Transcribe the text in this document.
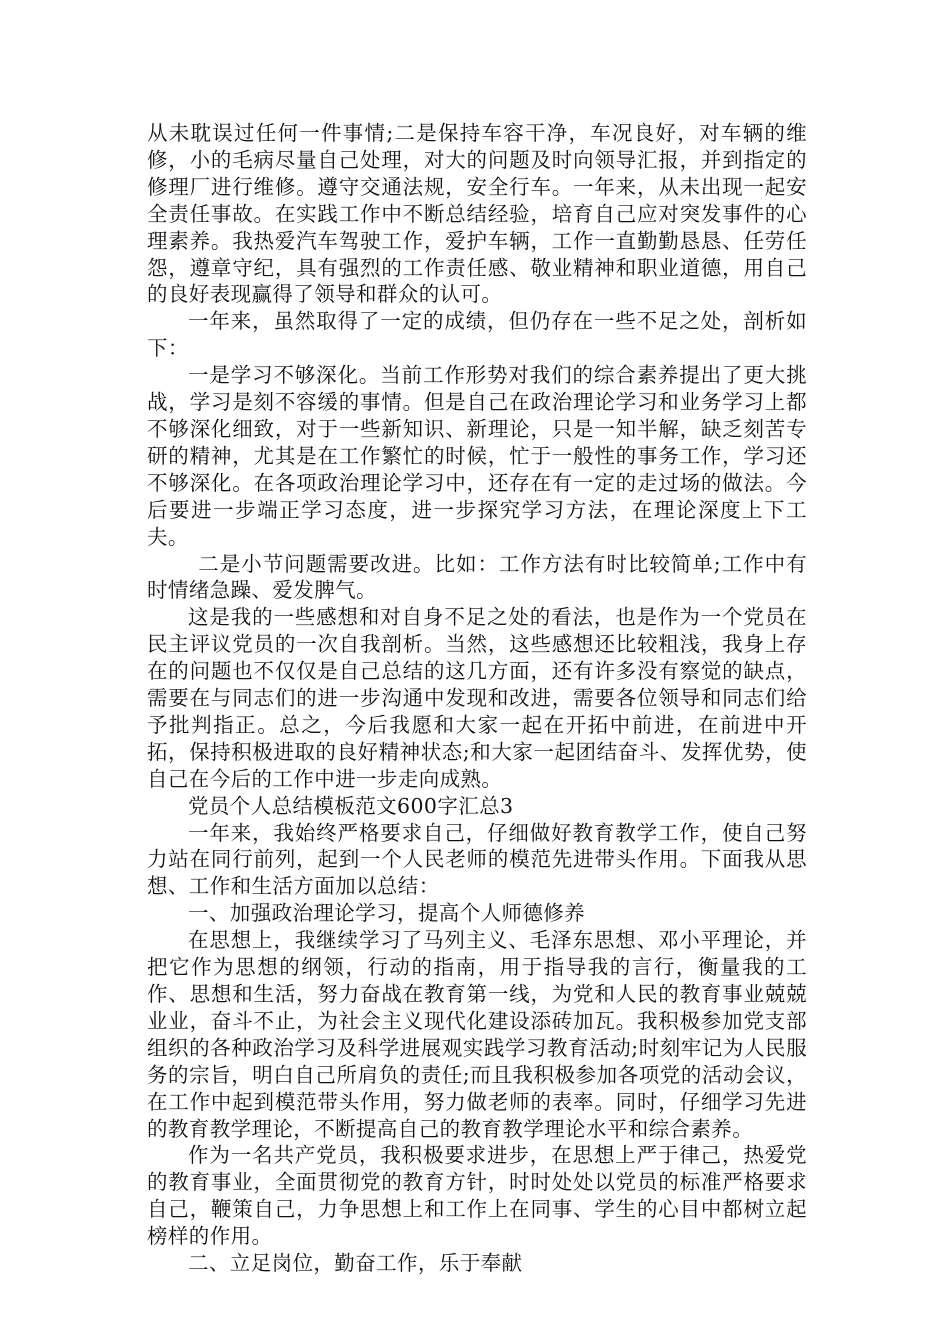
从未耽误过任何一件事情;二是保持车容干净，车况良好，对车辆的维修，小的毛病尽量自己处理，对大的问题及时向领导汇报，并到指定的修理厂进行维修。遵守交通法规，安全行车。一年来，从未出现一起安全责任事故。在实践工作中不断总结经验，培育自己应对突发事件的心理素养。我热爱汽车驾驶工作，爱护车辆，工作一直勤勤恳恳、任劳任怨，遵章守纪，具有强烈的工作责任感、敬业精神和职业道德，用自己的良好表现赢得了领导和群众的认可。

一年来，虽然取得了一定的成绩，但仍存在一些不足之处，剖析如下：

一是学习不够深化。当前工作形势对我们的综合素养提出了更大挑战，学习是刻不容缓的事情。但是自己在政治理论学习和业务学习上都不够深化细致，对于一些新知识、新理论，只是一知半解，缺乏刻苦专研的精神，尤其是在工作繁忙的时候，忙于一般性的事务工作，学习还不够深化。在各项政治理论学习中，还存在有一定的走过场的做法。今后要进一步端正学习态度，进一步探究学习方法，在理论深度上下工夫。

二是小节问题需要改进。比如：工作方法有时比较简单;工作中有时情绪急躁、爱发脾气。

这是我的一些感想和对自身不足之处的看法，也是作为一个党员在民主评议党员的一次自我剖析。当然，这些感想还比较粗浅，我身上存在的问题也不仅仅是自己总结的这几方面，还有许多没有察觉的缺点，需要在与同志们的进一步沟通中发现和改进，需要各位领导和同志们给予批判指正。总之，今后我愿和大家一起在开拓中前进，在前进中开拓，保持积极进取的良好精神状态;和大家一起团结奋斗、发挥优势，使自己在今后的工作中进一步走向成熟。

党员个人总结模板范文600字汇总3

一年来，我始终严格要求自己，仔细做好教育教学工作，使自己努力站在同行前列，起到一个人民老师的模范先进带头作用。下面我从思想、工作和生活方面加以总结：

一、加强政治理论学习，提高个人师德修养

在思想上，我继续学习了马列主义、毛泽东思想、邓小平理论，并把它作为思想的纲领，行动的指南，用于指导我的言行，衡量我的工作、思想和生活，努力奋战在教育第一线，为党和人民的教育事业兢兢业业，奋斗不止，为社会主义现代化建设添砖加瓦。我积极参加党支部组织的各种政治学习及科学进展观实践学习教育活动;时刻牢记为人民服务的宗旨，明白自己所肩负的责任;而且我积极参加各项党的活动会议，在工作中起到模范带头作用，努力做老师的表率。同时，仔细学习先进的教育教学理论，不断提高自己的教育教学理论水平和综合素养。

作为一名共产党员，我积极要求进步，在思想上严于律己，热爱党的教育事业，全面贯彻党的教育方针，时时处处以党员的标准严格要求自己，鞭策自己，力争思想上和工作上在同事、学生的心目中都树立起榜样的作用。

二、立足岗位，勤奋工作，乐于奉献
